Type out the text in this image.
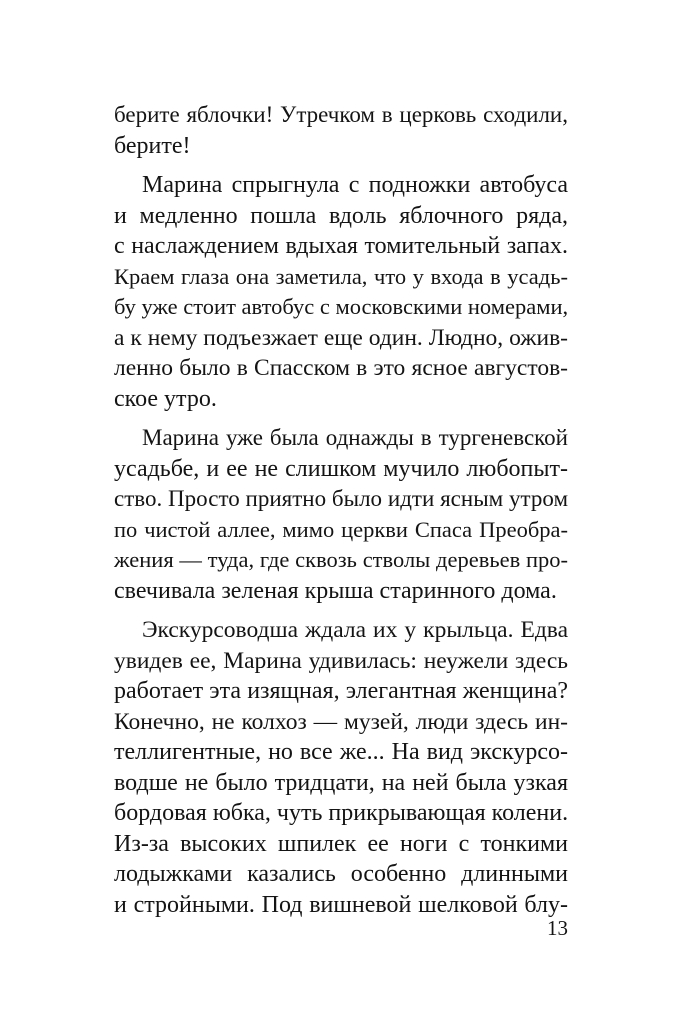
берите яблочки! Утречком в церковь сходили,
берите!
Марина спрыгнула с подножки автобуса
и медленно пошла вдоль яблочного ряда,
с наслаждением вдыхая томительный запах.
Краем глаза она заметила, что у входа в усадь-
бу уже стоит автобус с московскими номерами,
а к нему подъезжает еще один. Людно, ожив-
ленно было в Спасском в это ясное августов-
ское утро.
Марина уже была однажды в тургеневской
усадьбе, и ее не слишком мучило любопыт-
ство. Просто приятно было идти ясным утром
по чистой аллее, мимо церкви Спаса Преобра-
жения — туда, где сквозь стволы деревьев про-
свечивала зеленая крыша старинного дома.
Экскурсоводша ждала их у крыльца. Едва
увидев ее, Марина удивилась: неужели здесь
работает эта изящная, элегантная женщина?
Конечно, не колхоз — музей, люди здесь ин-
теллигентные, но все же... На вид экскурсо-
водше не было тридцати, на ней была узкая
бордовая юбка, чуть прикрывающая колени.
Из-за высоких шпилек ее ноги с тонкими
лодыжками казались особенно длинными
и стройными. Под вишневой шелковой блу-
13
